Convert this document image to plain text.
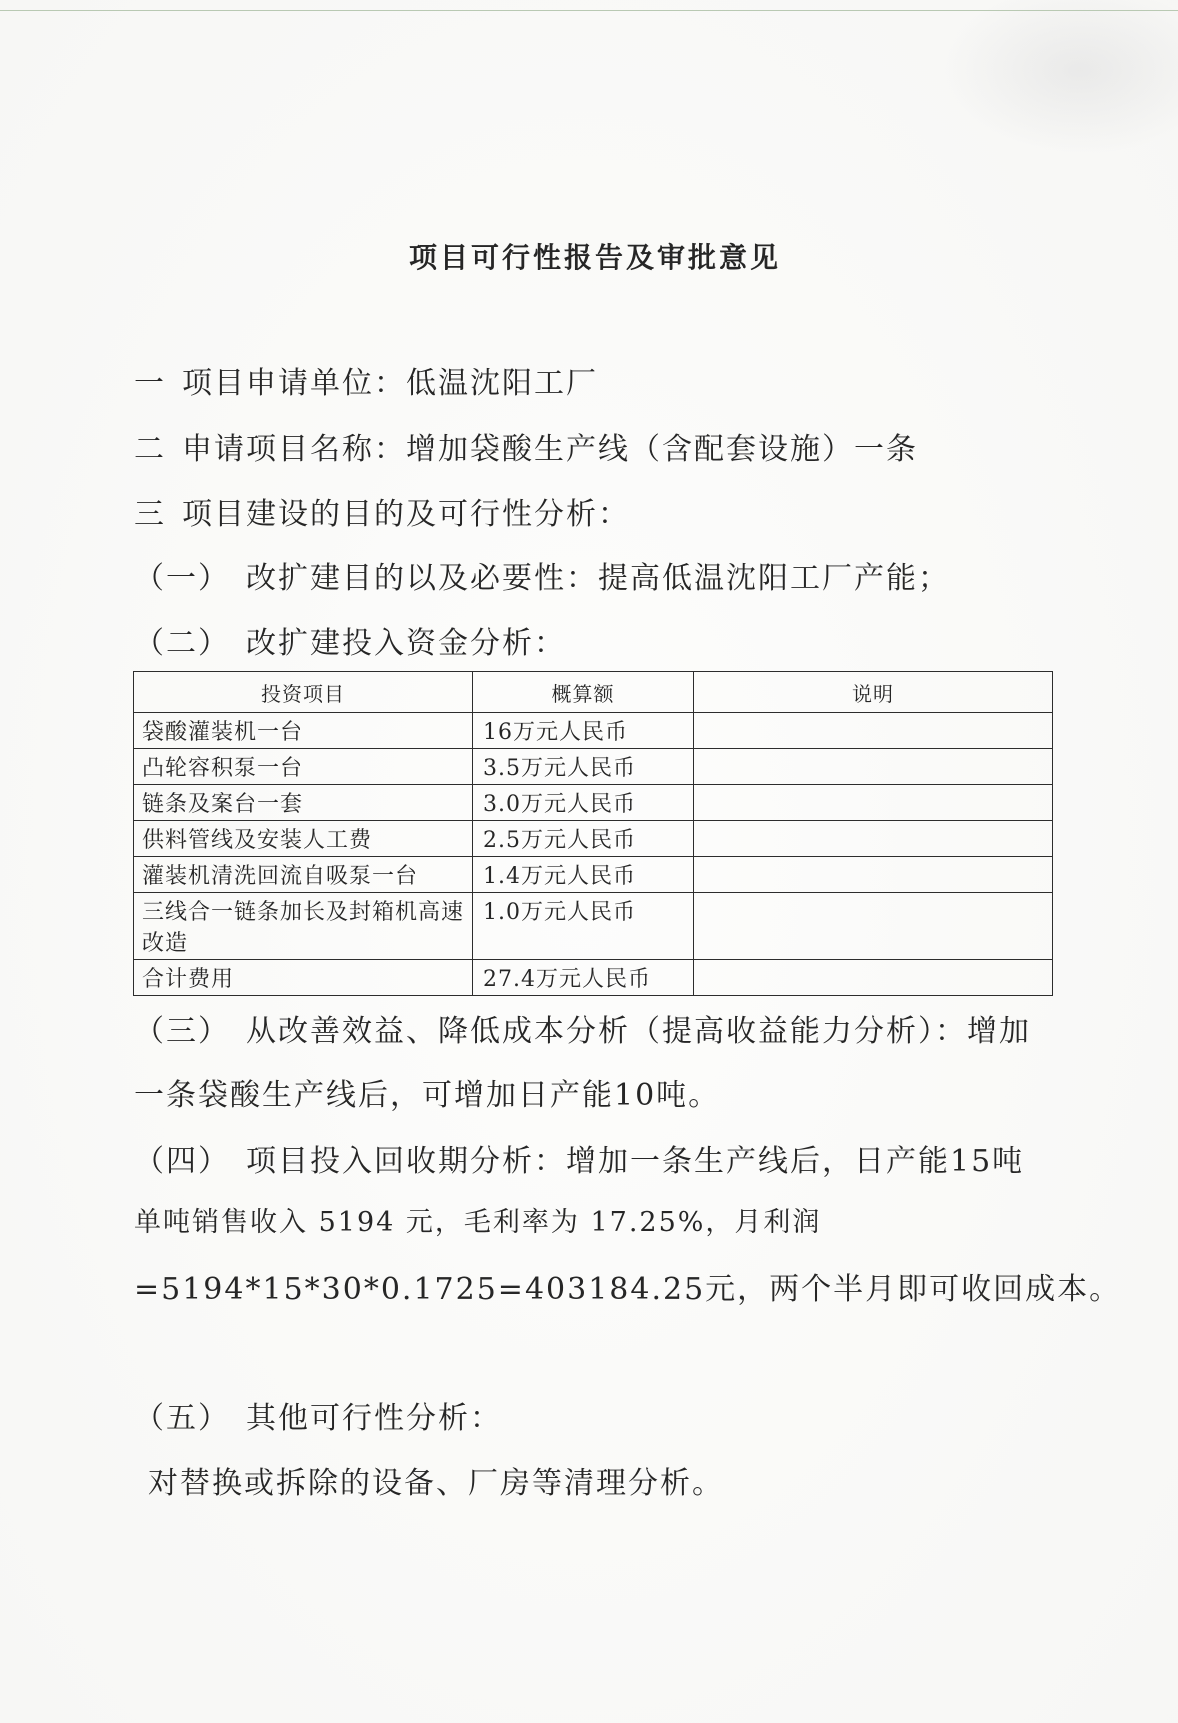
项目可行性报告及审批意见
一 项目申请单位：低温沈阳工厂
二 申请项目名称：增加袋酸生产线（含配套设施）一条
三 项目建设的目的及可行性分析：
（一） 改扩建目的以及必要性：提高低温沈阳工厂产能；
（二） 改扩建投入资金分析：
投资项目	概算额	说明
袋酸灌装机一台	16万元人民币	
凸轮容积泵一台	3.5万元人民币	
链条及案台一套	3.0万元人民币	
供料管线及安装人工费	2.5万元人民币	
灌装机清洗回流自吸泵一台	1.4万元人民币	
三线合一链条加长及封箱机高速改造	1.0万元人民币	
合计费用	27.4万元人民币	
（三） 从改善效益、降低成本分析（提高收益能力分析）：增加
一条袋酸生产线后，可增加日产能10吨。
（四） 项目投入回收期分析：增加一条生产线后，日产能15吨
单吨销售收入 5194 元，毛利率为 17.25%，月利润
=5194*15*30*0.1725=403184.25元，两个半月即可收回成本。
（五） 其他可行性分析：
对替换或拆除的设备、厂房等清理分析。
